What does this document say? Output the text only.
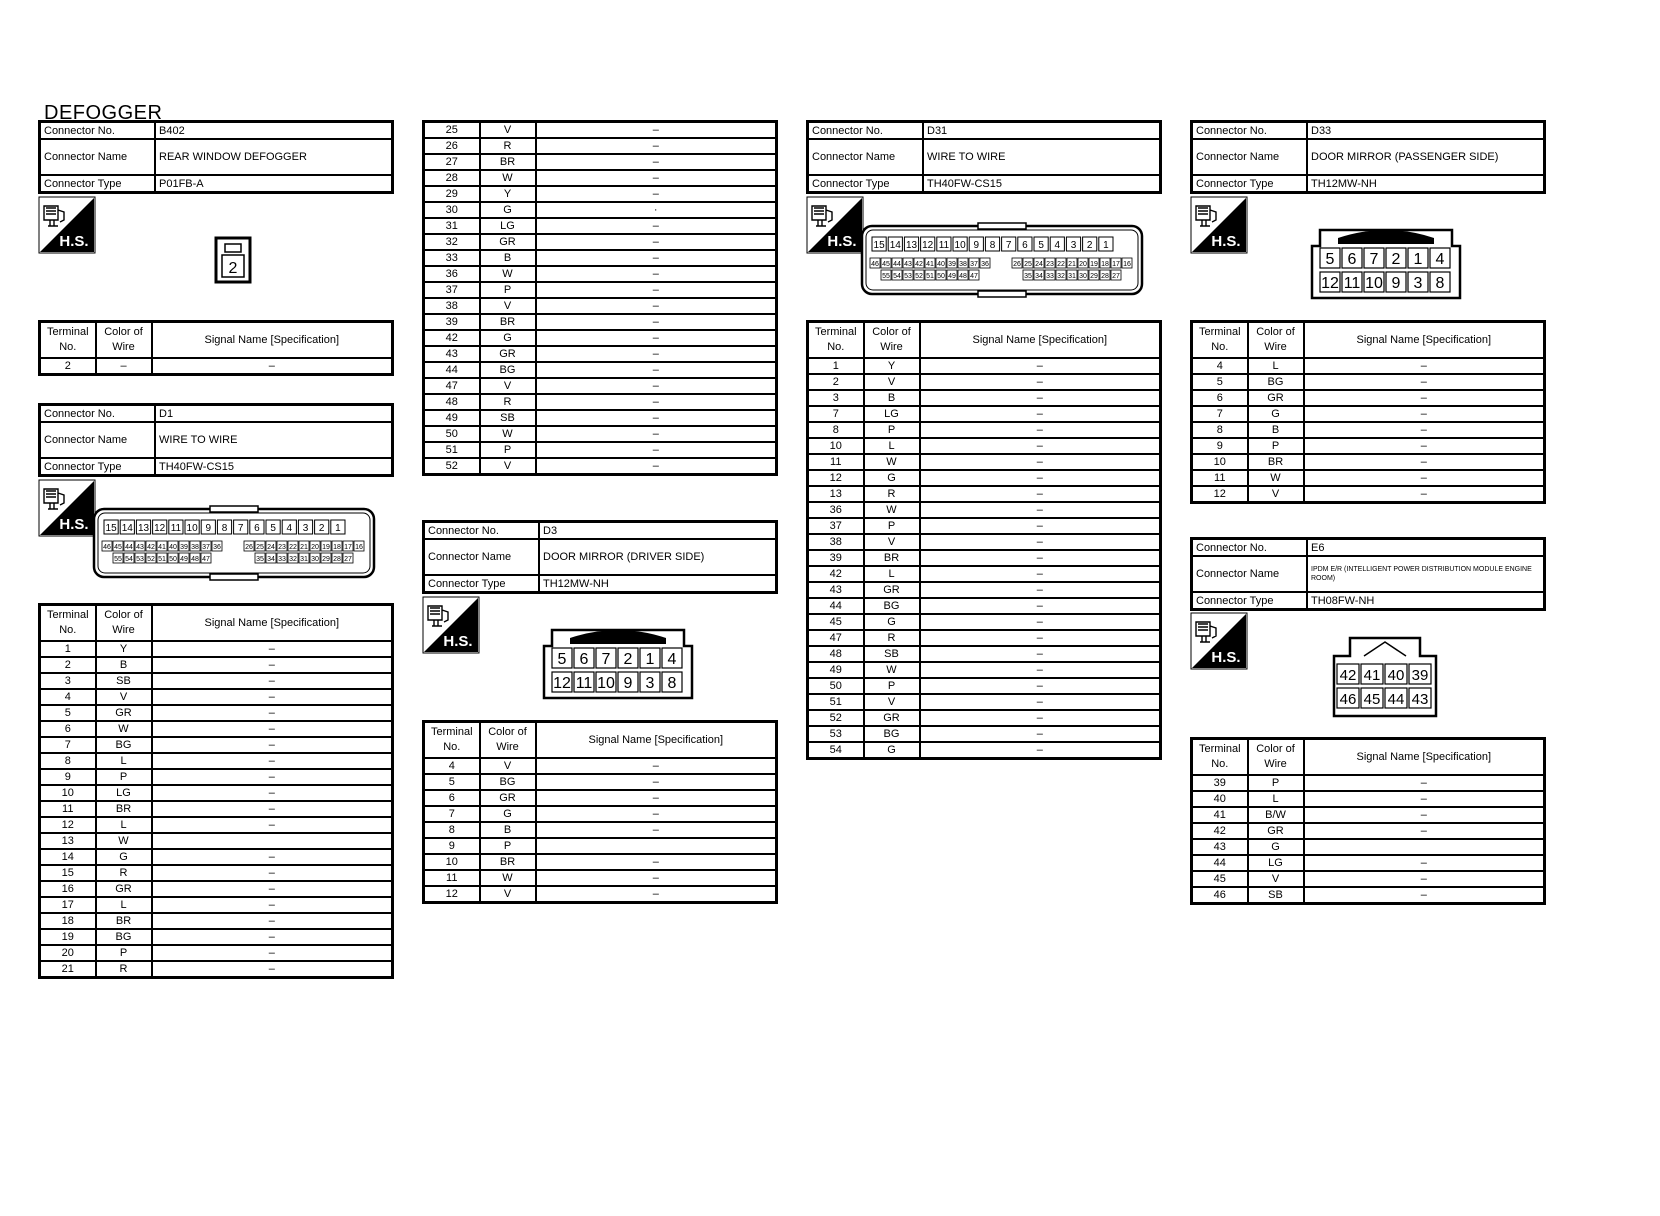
DEFOGGER
Connector No.	B402
Connector Name	REAR WINDOW DEFOGGER
Connector Type	P01FB-A
H.S.
2
Terminal No.	Color of Wire	Signal Name [Specification]
2	–	–
Connector No.	D1
Connector Name	WIRE TO WIRE
Connector Type	TH40FW-CS15
H.S. 15 14 13 12 11 10 9 8 7 6 5 4 3 2 1
46 45 44 43 42 41 40 39 38 37 36	26 25 24 23 22 21 20 19 18 17 16
55 54 53 52 51 50 49 48 47	35 34 33 32 31 30 29 28 27
Terminal No.	Color of Wire	Signal Name [Specification]
1	Y	–
2	B	–
3	SB	–
4	V	–
5	GR	–
6	W	–
7	BG	–
8	L	–
9	P	–
10	LG	–
11	BR	–
12	L	–
13	W	
14	G	–
15	R	–
16	GR	–
17	L	–
18	BR	–
19	BG	–
20	P	–
21	R	–
25	V	–
26	R	–
27	BR	–
28	W	–
29	Y	–
30	G	·
31	LG	–
32	GR	–
33	B	–
36	W	–
37	P	–
38	V	–
39	BR	–
42	G	–
43	GR	–
44	BG	–
47	V	–
48	R	–
49	SB	–
50	W	–
51	P	–
52	V	–
Connector No.	D3
Connector Name	DOOR MIRROR (DRIVER SIDE)
Connector Type	TH12MW-NH
H.S.
5 6 7 2 1 4
12 11 10 9 3 8
Terminal No.	Color of Wire	Signal Name [Specification]
4	V	–
5	BG	–
6	GR	–
7	G	–
8	B	–
9	P	
10	BR	–
11	W	–
12	V	–
Connector No.	D31
Connector Name	WIRE TO WIRE
Connector Type	TH40FW-CS15
H.S. 15 14 13 12 11 10 9 8 7 6 5 4 3 2 1
46 45 44 43 42 41 40 39 38 37 36	26 25 24 23 22 21 20 19 18 17 16
55 54 53 52 51 50 49 48 47	35 34 33 32 31 30 29 28 27
Terminal No.	Color of Wire	Signal Name [Specification]
1	Y	–
2	V	–
3	B	–
7	LG	–
8	P	–
10	L	–
11	W	–
12	G	–
13	R	–
36	W	–
37	P	–
38	V	–
39	BR	–
42	L	–
43	GR	–
44	BG	–
45	G	–
47	R	–
48	SB	–
49	W	–
50	P	–
51	V	–
52	GR	–
53	BG	–
54	G	–
Connector No.	D33
Connector Name	DOOR MIRROR (PASSENGER SIDE)
Connector Type	TH12MW-NH
H.S.
5 6 7 2 1 4
12 11 10 9 3 8
Terminal No.	Color of Wire	Signal Name [Specification]
4	L	–
5	BG	–
6	GR	–
7	G	–
8	B	–
9	P	–
10	BR	–
11	W	–
12	V	–
Connector No.	E6
Connector Name	IPDM E/R (INTELLIGENT POWER DISTRIBUTION MODULE ENGINE ROOM)
Connector Type	TH08FW-NH
H.S.
42 41 40 39
46 45 44 43
Terminal No.	Color of Wire	Signal Name [Specification]
39	P	–
40	L	–
41	B/W	–
42	GR	–
43	G	
44	LG	–
45	V	–
46	SB	–
